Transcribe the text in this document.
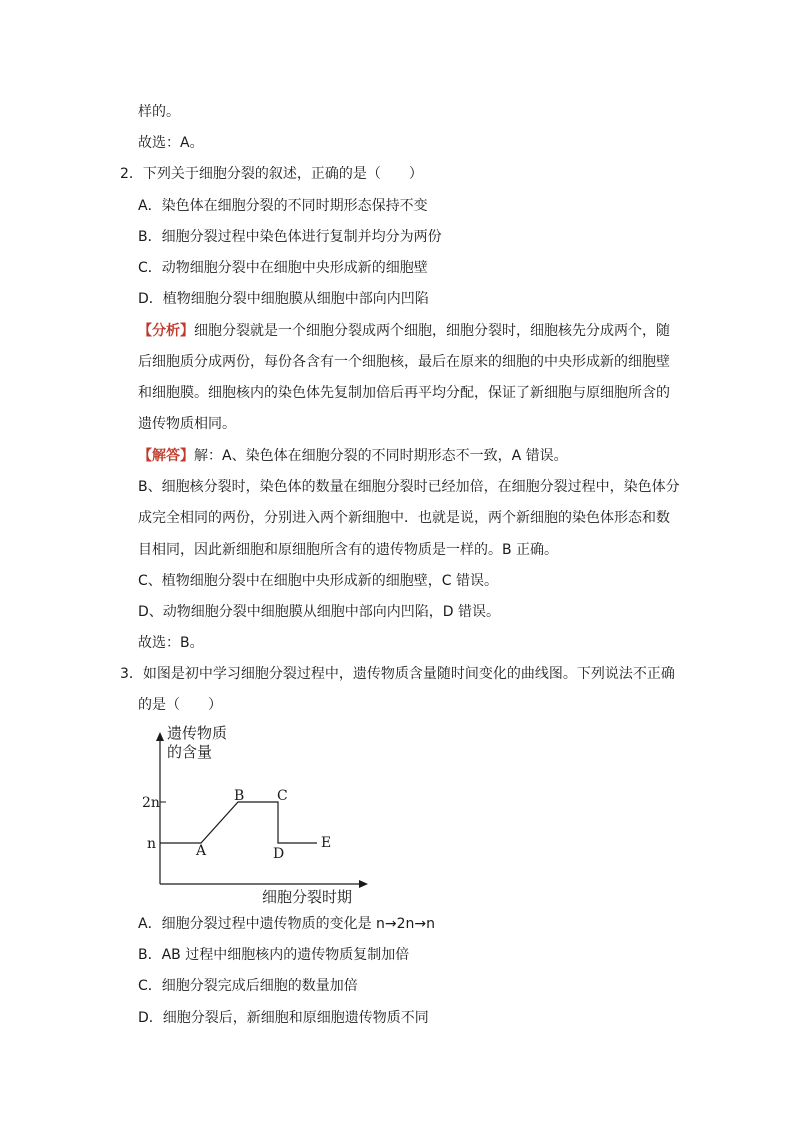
样的。
故选：A。
2．下列关于细胞分裂的叙述，正确的是（　　）
A．染色体在细胞分裂的不同时期形态保持不变
B．细胞分裂过程中染色体进行复制并均分为两份
C．动物细胞分裂中在细胞中央形成新的细胞壁
D．植物细胞分裂中细胞膜从细胞中部向内凹陷
【分析】细胞分裂就是一个细胞分裂成两个细胞，细胞分裂时，细胞核先分成两个，随
后细胞质分成两份，每份各含有一个细胞核，最后在原来的细胞的中央形成新的细胞壁
和细胞膜。细胞核内的染色体先复制加倍后再平均分配，保证了新细胞与原细胞所含的
遗传物质相同。
【解答】解：A、染色体在细胞分裂的不同时期形态不一致，A 错误。
B、细胞核分裂时，染色体的数量在细胞分裂时已经加倍，在细胞分裂过程中，染色体分
成完全相同的两份，分别进入两个新细胞中．也就是说，两个新细胞的染色体形态和数
目相同，因此新细胞和原细胞所含有的遗传物质是一样的。B 正确。
C、植物细胞分裂中在细胞中央形成新的细胞壁，C 错误。
D、动物细胞分裂中细胞膜从细胞中部向内凹陷，D 错误。
故选：B。
3．如图是初中学习细胞分裂过程中，遗传物质含量随时间变化的曲线图。下列说法不正确
的是（　　）
遗传物质
的含量
细胞分裂时期
2n
n	A
B C
D
E
A．细胞分裂过程中遗传物质的变化是 n→2n→n
B．AB 过程中细胞核内的遗传物质复制加倍
C．细胞分裂完成后细胞的数量加倍
D．细胞分裂后，新细胞和原细胞遗传物质不同
